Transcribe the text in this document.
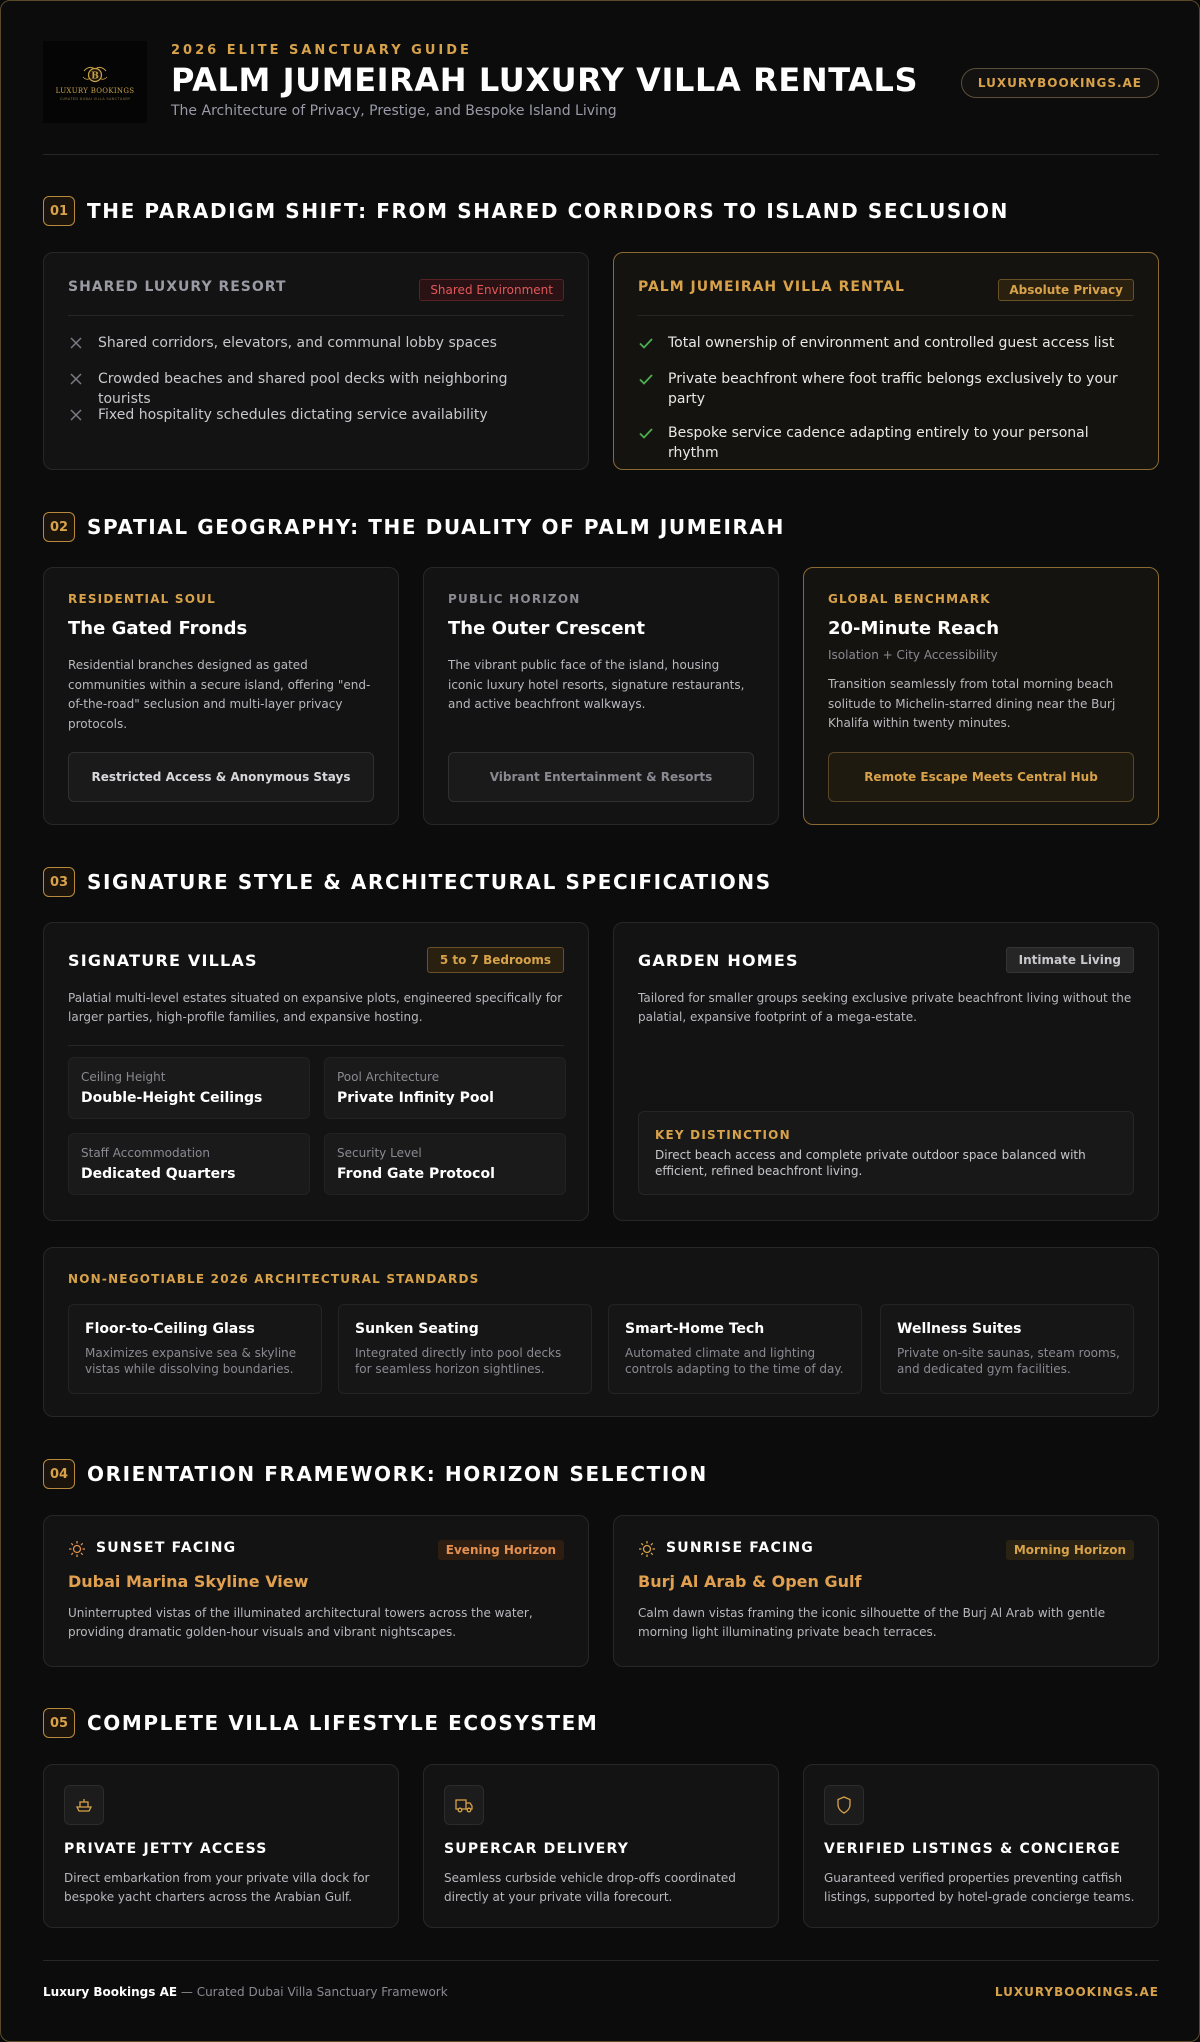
B
LUXURY BOOKINGS
CURATED DUBAI VILLA SANCTUARY
2026 ELITE SANCTUARY GUIDE
PALM JUMEIRAH LUXURY VILLA RENTALS
The Architecture of Privacy, Prestige, and Bespoke Island Living
LUXURYBOOKINGS.AE
01 THE PARADIGM SHIFT: FROM SHARED CORRIDORS TO ISLAND SECLUSION
SHARED LUXURY RESORT	Shared Environment
Shared corridors, elevators, and communal lobby spaces
Crowded beaches and shared pool decks with neighboring tourists
Fixed hospitality schedules dictating service availability
PALM JUMEIRAH VILLA RENTAL	Absolute Privacy
Total ownership of environment and controlled guest access list
Private beachfront where foot traffic belongs exclusively to your party
Bespoke service cadence adapting entirely to your personal rhythm
02 SPATIAL GEOGRAPHY: THE DUALITY OF PALM JUMEIRAH
RESIDENTIAL SOUL
The Gated Fronds
Residential branches designed as gated communities within a secure island, offering "end-of-the-road" seclusion and multi-layer privacy protocols.
Restricted Access & Anonymous Stays
PUBLIC HORIZON
The Outer Crescent
The vibrant public face of the island, housing iconic luxury hotel resorts, signature restaurants, and active beachfront walkways.
Vibrant Entertainment & Resorts
GLOBAL BENCHMARK
20-Minute Reach
Isolation + City Accessibility
Transition seamlessly from total morning beach solitude to Michelin-starred dining near the Burj Khalifa within twenty minutes.
Remote Escape Meets Central Hub
03 SIGNATURE STYLE & ARCHITECTURAL SPECIFICATIONS
SIGNATURE VILLAS	5 to 7 Bedrooms
Palatial multi-level estates situated on expansive plots, engineered specifically for larger parties, high-profile families, and expansive hosting.
Ceiling Height
Double-Height Ceilings
Pool Architecture
Private Infinity Pool
Staff Accommodation
Dedicated Quarters
Security Level
Frond Gate Protocol
GARDEN HOMES	Intimate Living
Tailored for smaller groups seeking exclusive private beachfront living without the palatial, expansive footprint of a mega-estate.
KEY DISTINCTION
Direct beach access and complete private outdoor space balanced with efficient, refined beachfront living.
NON-NEGOTIABLE 2026 ARCHITECTURAL STANDARDS
Floor-to-Ceiling Glass
Maximizes expansive sea & skyline vistas while dissolving boundaries.
Sunken Seating
Integrated directly into pool decks for seamless horizon sightlines.
Smart-Home Tech
Automated climate and lighting controls adapting to the time of day.
Wellness Suites
Private on-site saunas, steam rooms, and dedicated gym facilities.
04 ORIENTATION FRAMEWORK: HORIZON SELECTION
SUNSET FACING	Evening Horizon
Dubai Marina Skyline View
Uninterrupted vistas of the illuminated architectural towers across the water, providing dramatic golden-hour visuals and vibrant nightscapes.
SUNRISE FACING	Morning Horizon
Burj Al Arab & Open Gulf
Calm dawn vistas framing the iconic silhouette of the Burj Al Arab with gentle morning light illuminating private beach terraces.
05 COMPLETE VILLA LIFESTYLE ECOSYSTEM
PRIVATE JETTY ACCESS
Direct embarkation from your private villa dock for bespoke yacht charters across the Arabian Gulf.
SUPERCAR DELIVERY
Seamless curbside vehicle drop-offs coordinated directly at your private villa forecourt.
VERIFIED LISTINGS & CONCIERGE
Guaranteed verified properties preventing catfish listings, supported by hotel-grade concierge teams.
Luxury Bookings AE — Curated Dubai Villa Sanctuary Framework	LUXURYBOOKINGS.AE
